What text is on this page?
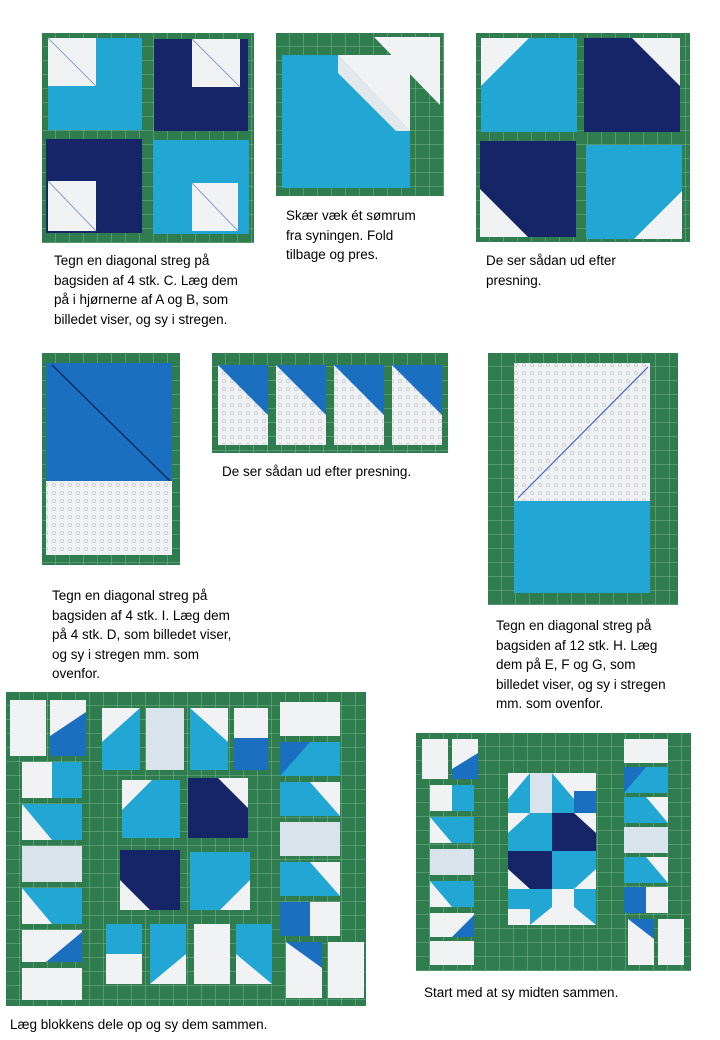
Tegn en diagonal streg på
bagsiden af 4 stk. C. Læg dem
på i hjørnerne af A og B, som
billedet viser, og sy i stregen.

Skær væk ét sømrum
fra syningen. Fold
tilbage og pres.	De ser sådan ud efter
presning.

Tegn en diagonal streg på
bagsiden af 4 stk. I. Læg dem
på 4 stk. D, som billedet viser,
og sy i stregen mm. som
ovenfor.

De ser sådan ud efter presning.

Tegn en diagonal streg på
bagsiden af 12 stk. H. Læg
dem på E, F og G, som
billedet viser, og sy i stregen
mm. som ovenfor.

Læg blokkens dele op og sy dem sammen.

Start med at sy midten sammen.
